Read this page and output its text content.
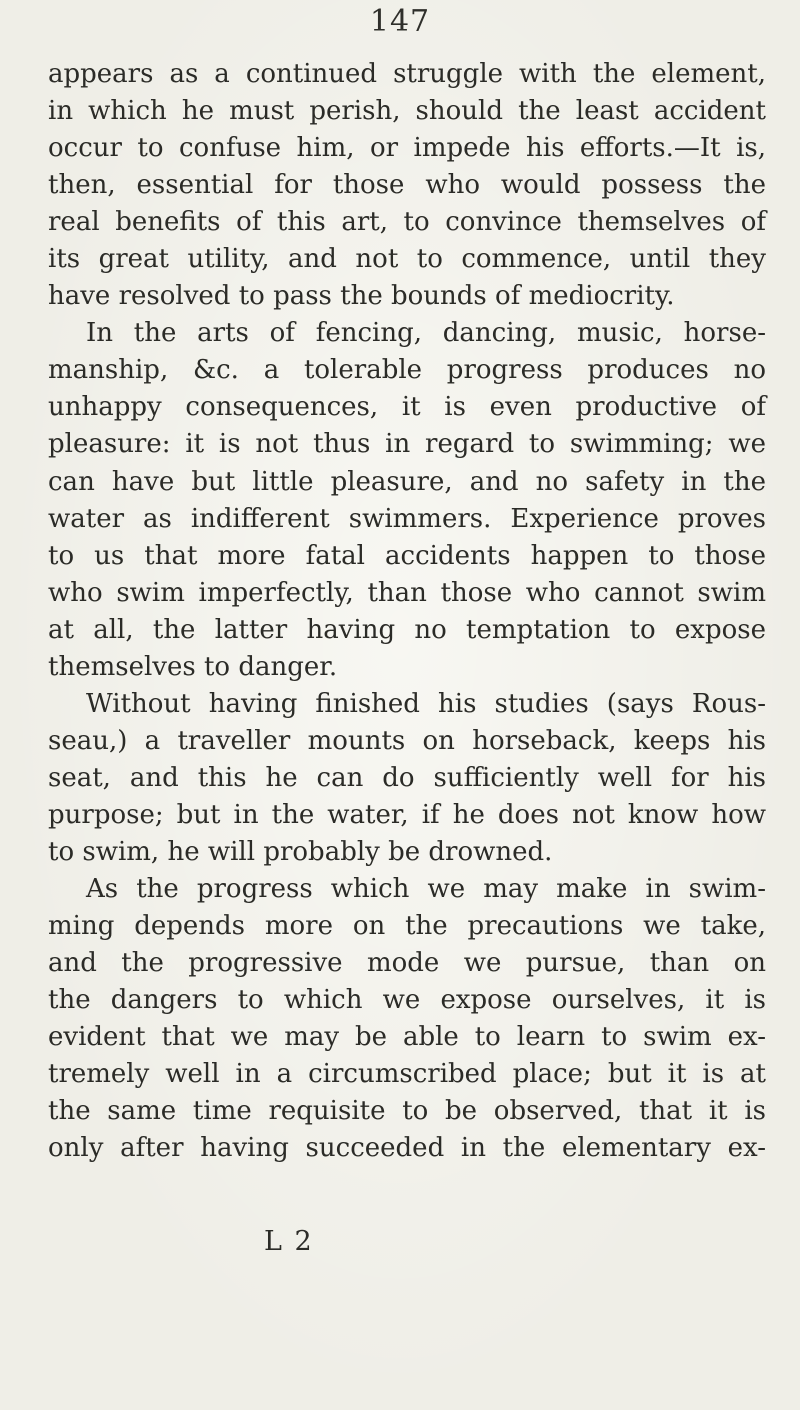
147
appears as a continued struggle with the element,
in which he must perish, should the least accident
occur to confuse him, or impede his efforts.—It is,
then, essential for those who would possess the
real benefits of this art, to convince themselves of
its great utility, and not to commence, until they
have resolved to pass the bounds of mediocrity.
In the arts of fencing, dancing, music, horse-
manship, &c. a tolerable progress produces no
unhappy consequences, it is even productive of
pleasure: it is not thus in regard to swimming; we
can have but little pleasure, and no safety in the
water as indifferent swimmers. Experience proves
to us that more fatal accidents happen to those
who swim imperfectly, than those who cannot swim
at all, the latter having no temptation to expose
themselves to danger.
Without having finished his studies (says Rous-
seau,) a traveller mounts on horseback, keeps his
seat, and this he can do sufficiently well for his
purpose; but in the water, if he does not know how
to swim, he will probably be drowned.
As the progress which we may make in swim-
ming depends more on the precautions we take,
and the progressive mode we pursue, than on
the dangers to which we expose ourselves, it is
evident that we may be able to learn to swim ex-
tremely well in a circumscribed place; but it is at
the same time requisite to be observed, that it is
only after having succeeded in the elementary ex-
L 2
